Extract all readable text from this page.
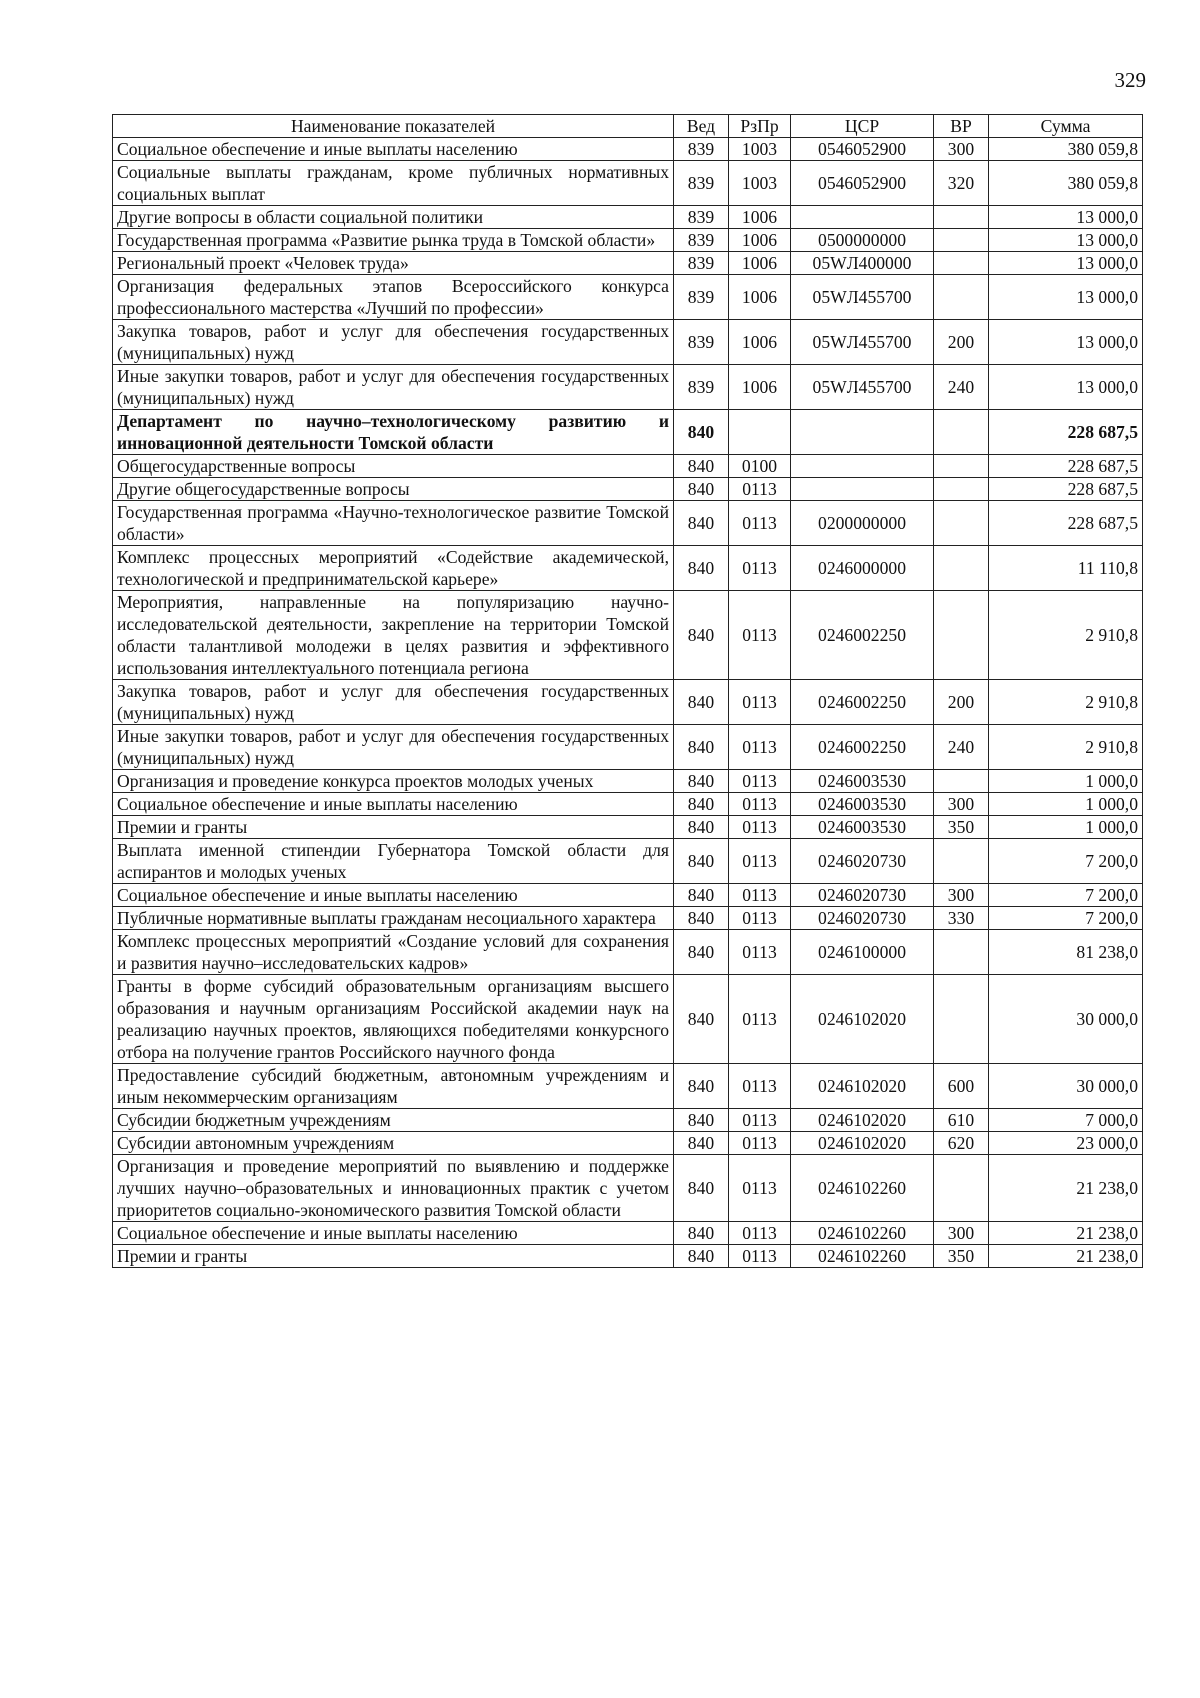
329
Наименование показателей	Вед	РзПр	ЦСР	ВР	Сумма
Социальное обеспечение и иные выплаты населению	839	1003	0546052900	300	380 059,8
Социальные выплаты гражданам, кроме публичных нормативных социальных выплат	839	1003	0546052900	320	380 059,8
Другие вопросы в области социальной политики	839	1006			13 000,0
Государственная программа «Развитие рынка труда в Томской области»	839	1006	0500000000		13 000,0
Региональный проект «Человек труда»	839	1006	05WЛ400000		13 000,0
Организация федеральных этапов Всероссийского конкурса профессионального мастерства «Лучший по профессии»	839	1006	05WЛ455700		13 000,0
Закупка товаров, работ и услуг для обеспечения государственных (муниципальных) нужд	839	1006	05WЛ455700	200	13 000,0
Иные закупки товаров, работ и услуг для обеспечения государственных (муниципальных) нужд	839	1006	05WЛ455700	240	13 000,0
Департамент по научно–технологическому развитию и инновационной деятельности Томской области	840				228 687,5
Общегосударственные вопросы	840	0100			228 687,5
Другие общегосударственные вопросы	840	0113			228 687,5
Государственная программа «Научно-технологическое развитие Томской области»	840	0113	0200000000		228 687,5
Комплекс процессных мероприятий «Содействие академической, технологической и предпринимательской карьере»	840	0113	0246000000		11 110,8
Мероприятия, направленные на популяризацию научно-исследовательской деятельности, закрепление на территории Томской области талантливой молодежи в целях развития и эффективного использования интеллектуального потенциала региона	840	0113	0246002250		2 910,8
Закупка товаров, работ и услуг для обеспечения государственных (муниципальных) нужд	840	0113	0246002250	200	2 910,8
Иные закупки товаров, работ и услуг для обеспечения государственных (муниципальных) нужд	840	0113	0246002250	240	2 910,8
Организация и проведение конкурса проектов молодых ученых	840	0113	0246003530		1 000,0
Социальное обеспечение и иные выплаты населению	840	0113	0246003530	300	1 000,0
Премии и гранты	840	0113	0246003530	350	1 000,0
Выплата именной стипендии Губернатора Томской области для аспирантов и молодых ученых	840	0113	0246020730		7 200,0
Социальное обеспечение и иные выплаты населению	840	0113	0246020730	300	7 200,0
Публичные нормативные выплаты гражданам несоциального характера	840	0113	0246020730	330	7 200,0
Комплекс процессных мероприятий «Создание условий для сохранения и развития научно–исследовательских кадров»	840	0113	0246100000		81 238,0
Гранты в форме субсидий образовательным организациям высшего образования и научным организациям Российской академии наук на реализацию научных проектов, являющихся победителями конкурсного отбора на получение грантов Российского научного фонда	840	0113	0246102020		30 000,0
Предоставление субсидий бюджетным, автономным учреждениям и иным некоммерческим организациям	840	0113	0246102020	600	30 000,0
Субсидии бюджетным учреждениям	840	0113	0246102020	610	7 000,0
Субсидии автономным учреждениям	840	0113	0246102020	620	23 000,0
Организация и проведение мероприятий по выявлению и поддержке лучших научно–образовательных и инновационных практик с учетом приоритетов социально-экономического развития Томской области	840	0113	0246102260		21 238,0
Социальное обеспечение и иные выплаты населению	840	0113	0246102260	300	21 238,0
Премии и гранты	840	0113	0246102260	350	21 238,0
